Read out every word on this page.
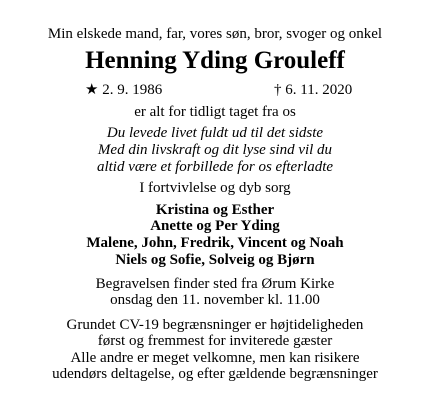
Min elskede mand, far, vores søn, bror, svoger og onkel
Henning Yding Grouleff
★ 2. 9. 1986	† 6. 11. 2020
er alt for tidligt taget fra os
Du levede livet fuldt ud til det sidste
Med din livskraft og dit lyse sind vil du
altid være et forbillede for os efterladte
I fortvivlelse og dyb sorg
Kristina og Esther
Anette og Per Yding
Malene, John, Fredrik, Vincent og Noah
Niels og Sofie, Solveig og Bjørn
Begravelsen finder sted fra Ørum Kirke
onsdag den 11. november kl. 11.00
Grundet CV-19 begrænsninger er højtideligheden
først og fremmest for inviterede gæster
Alle andre er meget velkomne, men kan risikere
udendørs deltagelse, og efter gældende begrænsninger
